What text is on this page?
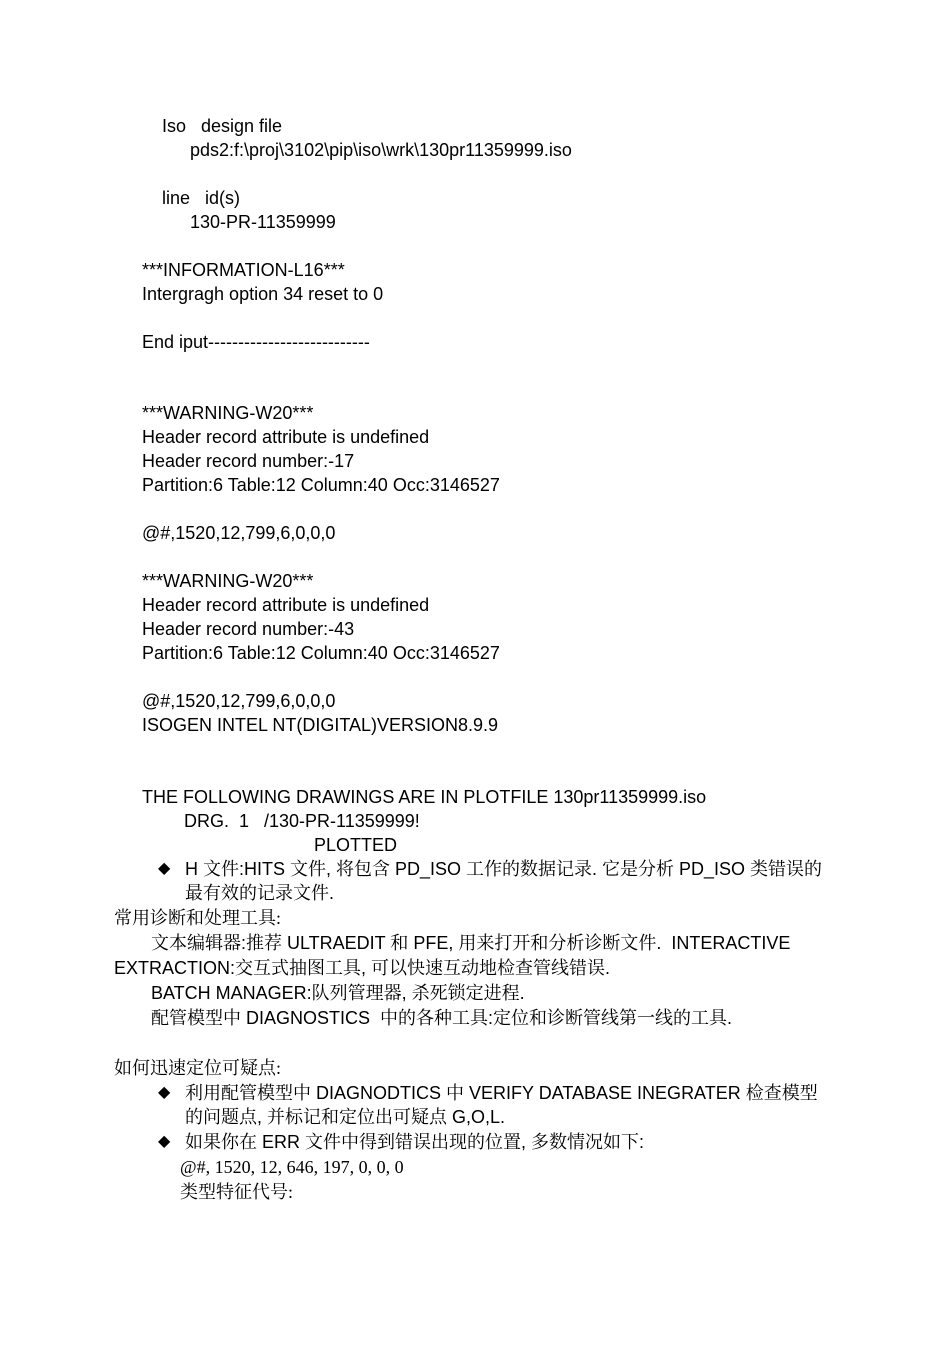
Iso   design file
pds2:f:\proj\3102\pip\iso\wrk\130pr11359999.iso
line   id(s)
130-PR-11359999
***INFORMATION-L16***
Intergragh option 34 reset to 0
End iput---------------------------
***WARNING-W20***
Header record attribute is undefined
Header record number:-17
Partition:6 Table:12 Column:40 Occ:3146527
@#,1520,12,799,6,0,0,0
***WARNING-W20***
Header record attribute is undefined
Header record number:-43
Partition:6 Table:12 Column:40 Occ:3146527
@#,1520,12,799,6,0,0,0
ISOGEN INTEL NT(DIGITAL)VERSION8.9.9
THE FOLLOWING DRAWINGS ARE IN PLOTFILE 130pr11359999.iso
DRG.  1   /130-PR-11359999!
PLOTTED
◆ H 文件:HITS 文件, 将包含 PD_ISO 工作的数据记录. 它是分析 PD_ISO 类错误的
最有效的记录文件.
常用诊断和处理工具:
文本编辑器:推荐 ULTRAEDIT 和 PFE, 用来打开和分析诊断文件.  INTERACTIVE
EXTRACTION:交互式抽图工具, 可以快速互动地检查管线错误.
BATCH MANAGER:队列管理器, 杀死锁定进程.
配管模型中 DIAGNOSTICS  中的各种工具:定位和诊断管线第一线的工具.
如何迅速定位可疑点:
◆ 利用配管模型中 DIAGNODTICS 中 VERIFY DATABASE INEGRATER 检查模型
的问题点, 并标记和定位出可疑点 G,O,L.
◆ 如果你在 ERR 文件中得到错误出现的位置, 多数情况如下:
@#, 1520, 12, 646, 197, 0, 0, 0
类型特征代号:
